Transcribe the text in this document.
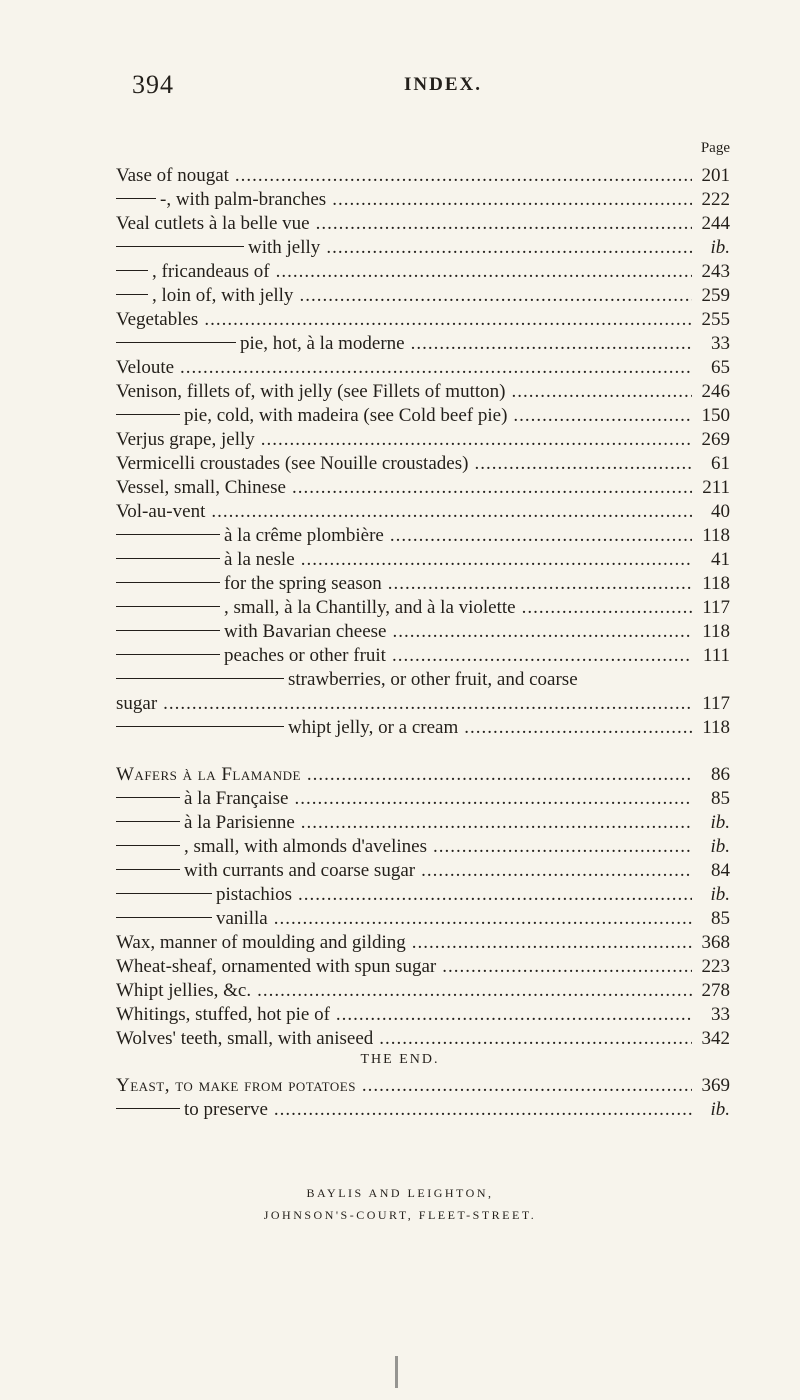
394	INDEX.
Page
Vase of nougat .....	201
-, with palm-branches .....	222
Veal cutlets à la belle vue .....	244
with jelly .....	ib.
, fricandeaus of .....	243
, loin of, with jelly .....	259
Vegetables .....	255
pie, hot, à la moderne .....	33
Veloute .....	65
Venison, fillets of, with jelly (see Fillets of mutton) .....	246
pie, cold, with madeira (see Cold beef pie) .....	150
Verjus grape, jelly .....	269
Vermicelli croustades (see Nouille croustades) .....	61
Vessel, small, Chinese .....	211
Vol-au-vent .....	40
à la crême plombière .....	118
à la nesle .....	41
for the spring season .....	118
, small, à la Chantilly, and à la violette .....	117
with Bavarian cheese .....	118
peaches or other fruit .....	111
strawberries, or other fruit, and coarse
sugar .....	117
whipt jelly, or a cream .....	118
Wafers à la Flamande .....	86
à la Française .....	85
à la Parisienne .....	ib.
, small, with almonds d'avelines .....	ib.
with currants and coarse sugar .....	84
pistachios .....	ib.
vanilla .....	85
Wax, manner of moulding and gilding .....	368
Wheat-sheaf, ornamented with spun sugar .....	223
Whipt jellies, &c. .....	278
Whitings, stuffed, hot pie of .....	33
Wolves' teeth, small, with aniseed .....	342
Yeast, to make from potatoes .....	369
to preserve .....	ib.
THE END.
BAYLIS AND LEIGHTON,
JOHNSON'S-COURT, FLEET-STREET.
